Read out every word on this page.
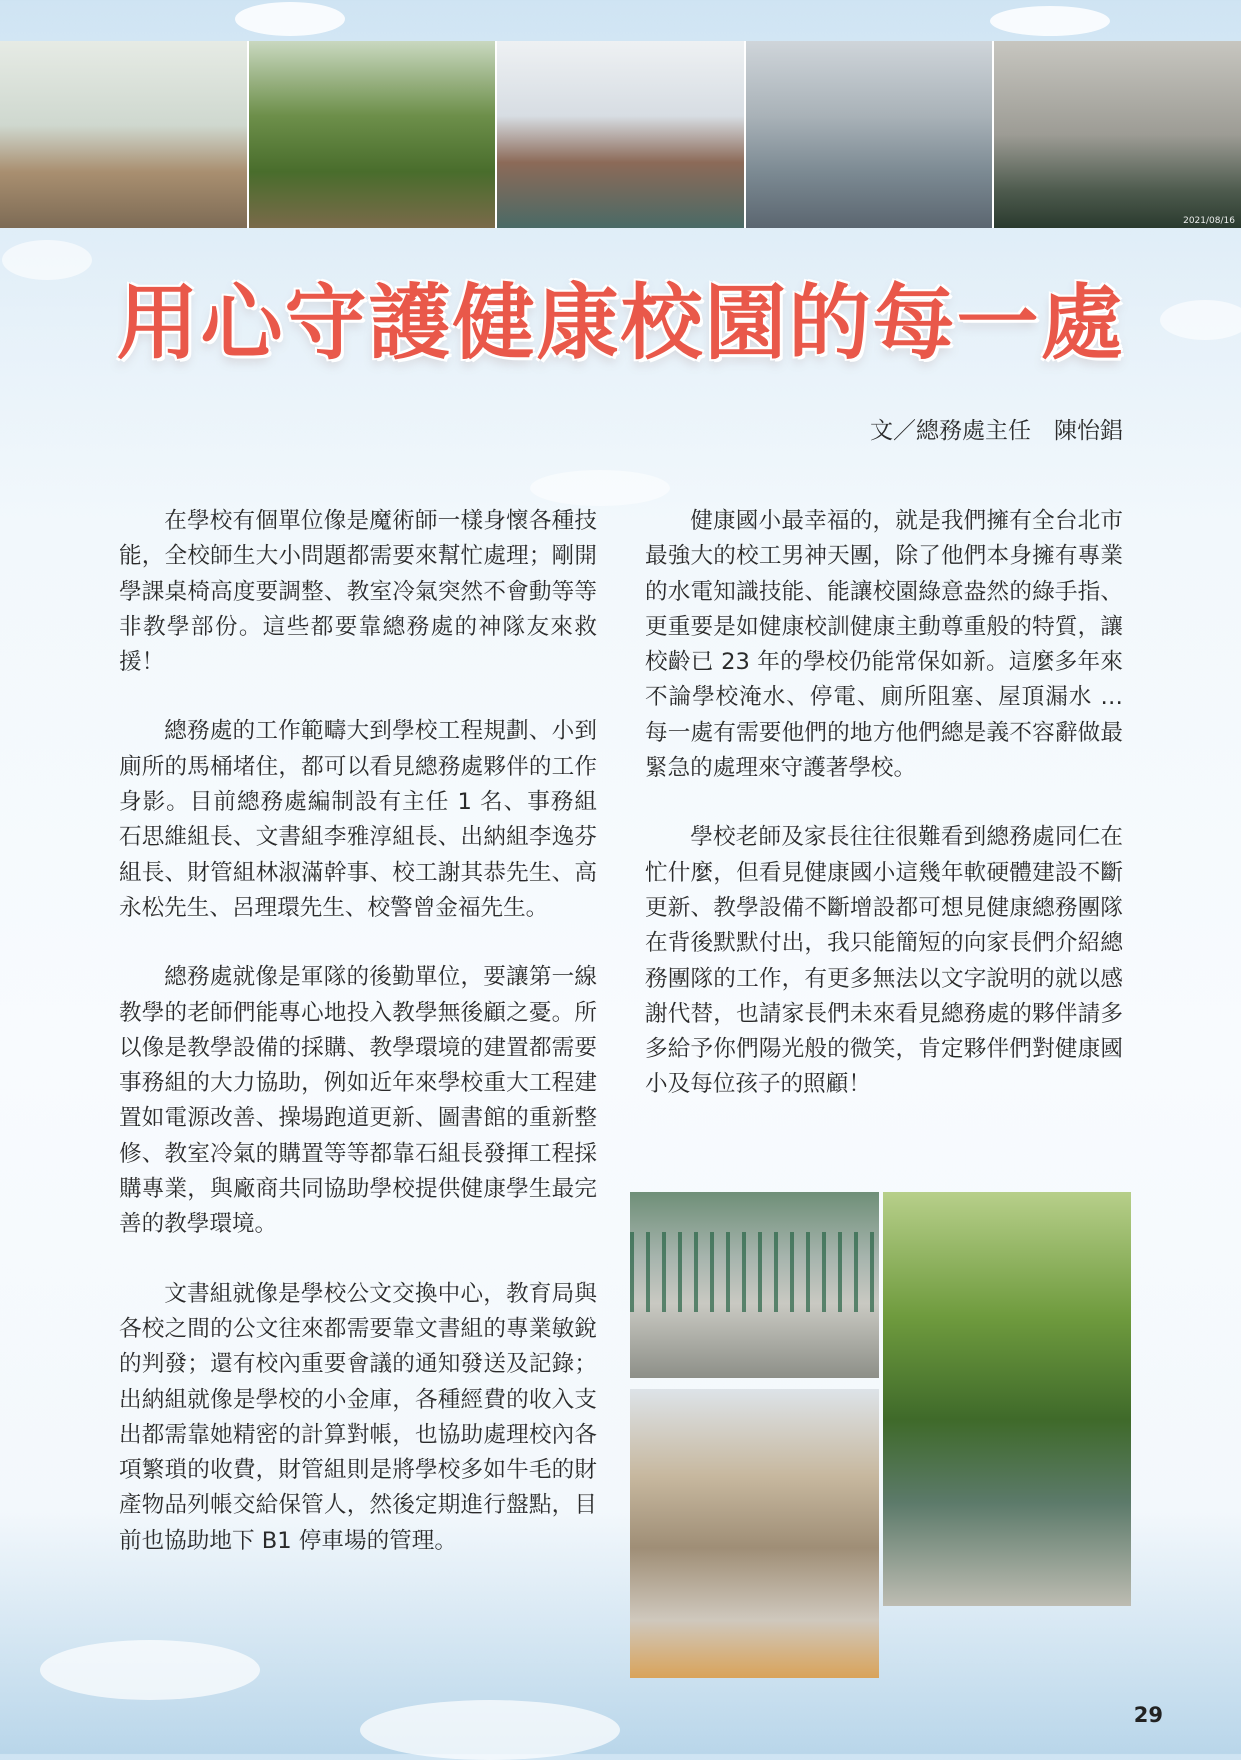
2021/08/16
用心守護健康校園的每一處
文／總務處主任　陳怡錩

在學校有個單位像是魔術師一樣身懷各種技能，全校師生大小問題都需要來幫忙處理；剛開學課桌椅高度要調整、教室冷氣突然不會動等等非教學部份。這些都要靠總務處的神隊友來救援！

總務處的工作範疇大到學校工程規劃、小到廁所的馬桶堵住，都可以看見總務處夥伴的工作身影。目前總務處編制設有主任 1 名、事務組石思維組長、文書組李雅淳組長、出納組李逸芬組長、財管組林淑滿幹事、校工謝其恭先生、高永松先生、呂理環先生、校警曾金福先生。

總務處就像是軍隊的後勤單位，要讓第一線教學的老師們能專心地投入教學無後顧之憂。所以像是教學設備的採購、教學環境的建置都需要事務組的大力協助，例如近年來學校重大工程建置如電源改善、操場跑道更新、圖書館的重新整修、教室冷氣的購置等等都靠石組長發揮工程採購專業，與廠商共同協助學校提供健康學生最完善的教學環境。

文書組就像是學校公文交換中心，教育局與各校之間的公文往來都需要靠文書組的專業敏銳的判發；還有校內重要會議的通知發送及記錄；出納組就像是學校的小金庫，各種經費的收入支出都需靠她精密的計算對帳，也協助處理校內各項繁瑣的收費，財管組則是將學校多如牛毛的財產物品列帳交給保管人，然後定期進行盤點，目前也協助地下 B1 停車場的管理。

健康國小最幸福的，就是我們擁有全台北市最強大的校工男神天團，除了他們本身擁有專業的水電知識技能、能讓校園綠意盎然的綠手指、更重要是如健康校訓健康主動尊重般的特質，讓校齡已 23 年的學校仍能常保如新。這麼多年來不論學校淹水、停電、廁所阻塞、屋頂漏水 … 每一處有需要他們的地方他們總是義不容辭做最緊急的處理來守護著學校。

學校老師及家長往往很難看到總務處同仁在忙什麼，但看見健康國小這幾年軟硬體建設不斷更新、教學設備不斷增設都可想見健康總務團隊在背後默默付出，我只能簡短的向家長們介紹總務團隊的工作，有更多無法以文字說明的就以感謝代替，也請家長們未來看見總務處的夥伴請多多給予你們陽光般的微笑，肯定夥伴們對健康國小及每位孩子的照顧！

29
